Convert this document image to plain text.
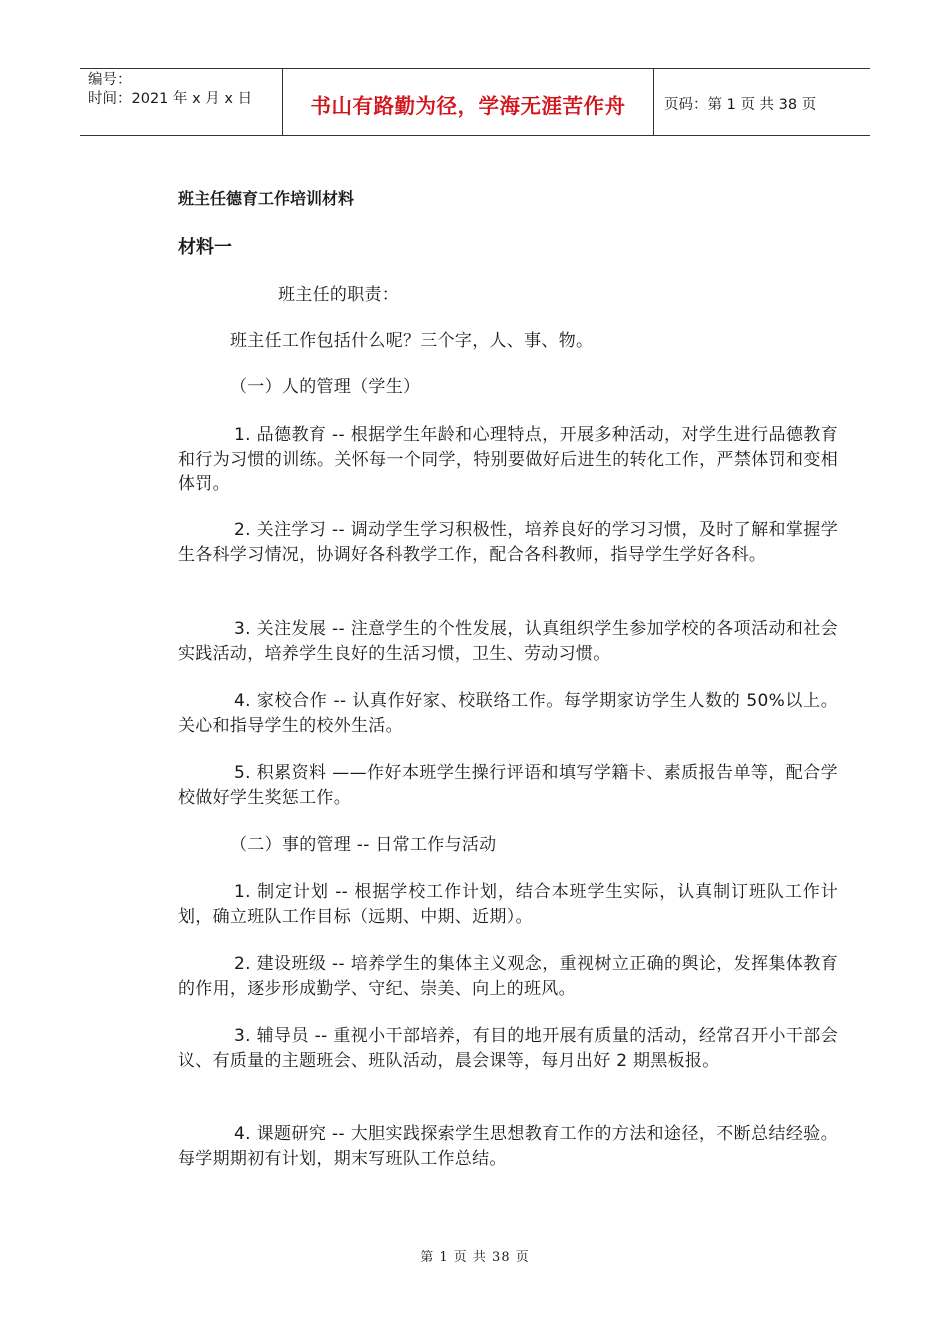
编号：
时间：2021 年 x 月 x 日	书山有路勤为径，学海无涯苦作舟	页码：第 1 页 共 38 页
班主任德育工作培训材料
材料一

班主任的职责：

班主任工作包括什么呢？三个字，人、事、物。

（一）人的管理（学生）

1. 品德教育 -- 根据学生年龄和心理特点，开展多种活动，对学生进行品德教育和行为习惯的训练。关怀每一个同学，特别要做好后进生的转化工作，严禁体罚和变相体罚。

2. 关注学习 -- 调动学生学习积极性，培养良好的学习习惯，及时了解和掌握学生各科学习情况，协调好各科教学工作，配合各科教师，指导学生学好各科。

3. 关注发展 -- 注意学生的个性发展，认真组织学生参加学校的各项活动和社会实践活动，培养学生良好的生活习惯，卫生、劳动习惯。

4. 家校合作 -- 认真作好家、校联络工作。每学期家访学生人数的 50%以上。关心和指导学生的校外生活。

5. 积累资料 ——作好本班学生操行评语和填写学籍卡、素质报告单等，配合学校做好学生奖惩工作。

（二）事的管理 -- 日常工作与活动

1. 制定计划 -- 根据学校工作计划，结合本班学生实际，认真制订班队工作计划，确立班队工作目标（远期、中期、近期）。

2. 建设班级 -- 培养学生的集体主义观念，重视树立正确的舆论，发挥集体教育的作用，逐步形成勤学、守纪、崇美、向上的班风。

3. 辅导员 -- 重视小干部培养，有目的地开展有质量的活动，经常召开小干部会议、有质量的主题班会、班队活动，晨会课等，每月出好 2 期黑板报。

4. 课题研究 -- 大胆实践探索学生思想教育工作的方法和途径，不断总结经验。每学期期初有计划，期末写班队工作总结。

第 1 页 共 38 页
